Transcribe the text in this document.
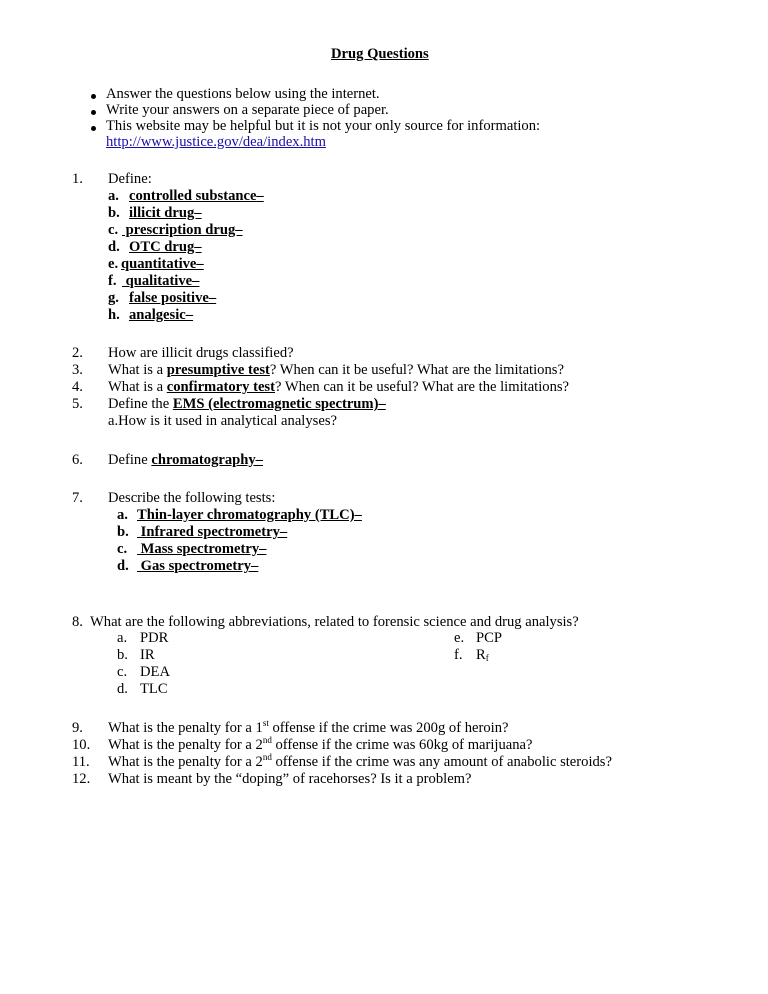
Drug Questions
Answer the questions below using the internet.
Write your answers on a separate piece of paper.
This website may be helpful but it is not your only source for information:
http://www.justice.gov/dea/index.htm
1. Define:
a. controlled substance–
b. illicit drug–
c. prescription drug–
d. OTC drug–
e. quantitative–
f. qualitative–
g. false positive–
h. analgesic–
2. How are illicit drugs classified?
3. What is a presumptive test? When can it be useful? What are the limitations?
4. What is a confirmatory test? When can it be useful? What are the limitations?
5. Define the EMS (electromagnetic spectrum)–
a.How is it used in analytical analyses?
6. Define chromatography–
7. Describe the following tests:
a. Thin-layer chromatography (TLC)–
b. Infrared spectrometry–
c. Mass spectrometry–
d. Gas spectrometry–
8. What are the following abbreviations, related to forensic science and drug analysis?
a. PDR
b. IR
c. DEA
d. TLC
e. PCP
f. $R_f$
9. What is the penalty for a 1st offense if the crime was 200g of heroin?
10. What is the penalty for a 2nd offense if the crime was 60kg of marijuana?
11. What is the penalty for a 2nd offense if the crime was any amount of anabolic steroids?
12. What is meant by the “doping” of racehorses? Is it a problem?
